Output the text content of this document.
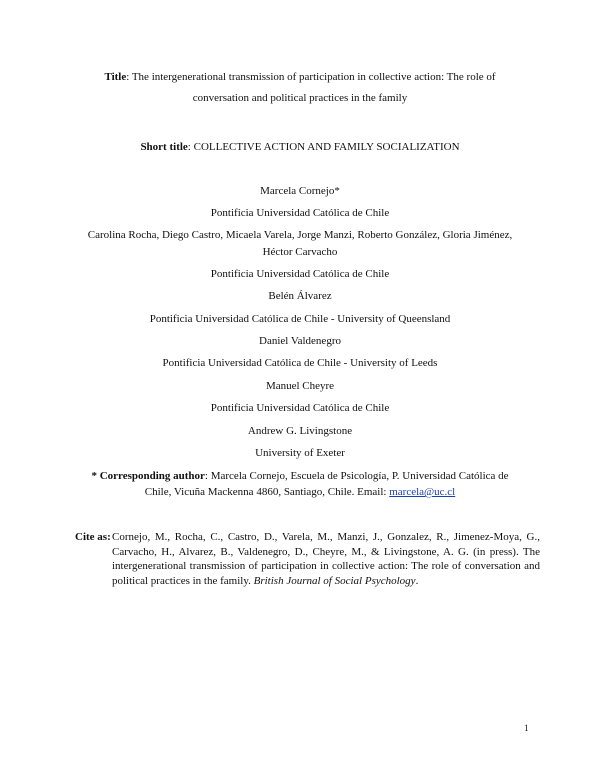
Title: The intergenerational transmission of participation in collective action: The role of
conversation and political practices in the family
Short title: COLLECTIVE ACTION AND FAMILY SOCIALIZATION
Marcela Cornejo*
Pontificia Universidad Católica de Chile
Carolina Rocha, Diego Castro, Micaela Varela, Jorge Manzi, Roberto González, Gloria Jiménez,
Héctor Carvacho
Pontificia Universidad Católica de Chile
Belén Álvarez
Pontificia Universidad Católica de Chile - University of Queensland
Daniel Valdenegro
Pontificia Universidad Católica de Chile - University of Leeds
Manuel Cheyre
Pontificia Universidad Católica de Chile
Andrew G. Livingstone
University of Exeter
* Corresponding author: Marcela Cornejo, Escuela de Psicología, P. Universidad Católica de
Chile, Vicuña Mackenna 4860, Santiago, Chile. Email: marcela@uc.cl
Cite as: Cornejo, M., Rocha, C., Castro, D., Varela, M., Manzi, J., Gonzalez, R., Jimenez-Moya, G., Carvacho, H., Alvarez, B., Valdenegro, D., Cheyre, M., & Livingstone, A. G. (in press). The intergenerational transmission of participation in collective action: The role of conversation and political practices in the family. British Journal of Social Psychology.
1
